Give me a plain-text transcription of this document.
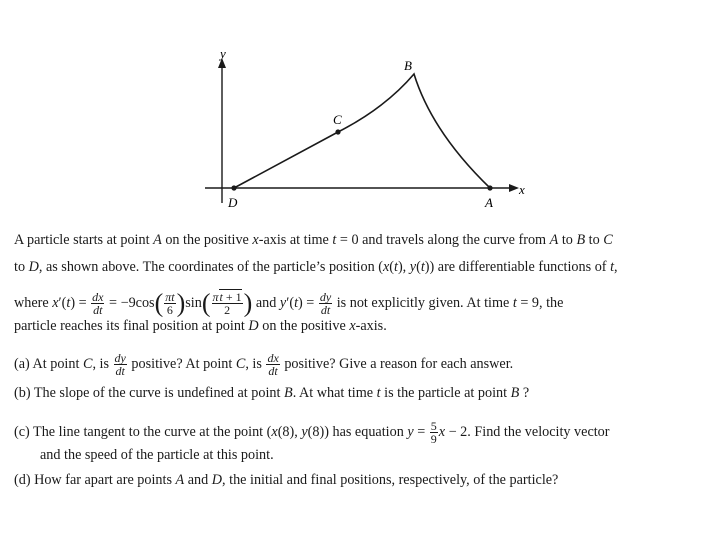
x
y
B
C
D	A
A particle starts at point A on the positive x-axis at time t = 0 and travels along the curve from A to B to C
to D, as shown above. The coordinates of the particle’s position (x(t), y(t)) are differentiable functions of t,
where $x'(t) = \frac{dx}{dt} = -9\cos( \frac{\pi t}{6} )\sin( \frac{\pi t + 1}{2}$ ) and $y'(t) = \frac{dy}{dt}$ is not explicitly given. At time t = 9, the
particle reaches its final position at point D on the positive x-axis.
(a) At point C, is $\frac{dy}{dt}$ positive? At point C, is $\frac{dx}{dt}$ positive? Give a reason for each answer.
(b) The slope of the curve is undefined at point B. At what time t is the particle at point B ?
(c) The line tangent to the curve at the point (x(8), y(8)) has equation $y = \frac{5}{9}$ x − 2. Find the velocity vector
and the speed of the particle at this point.
(d) How far apart are points A and D, the initial and final positions, respectively, of the particle?
